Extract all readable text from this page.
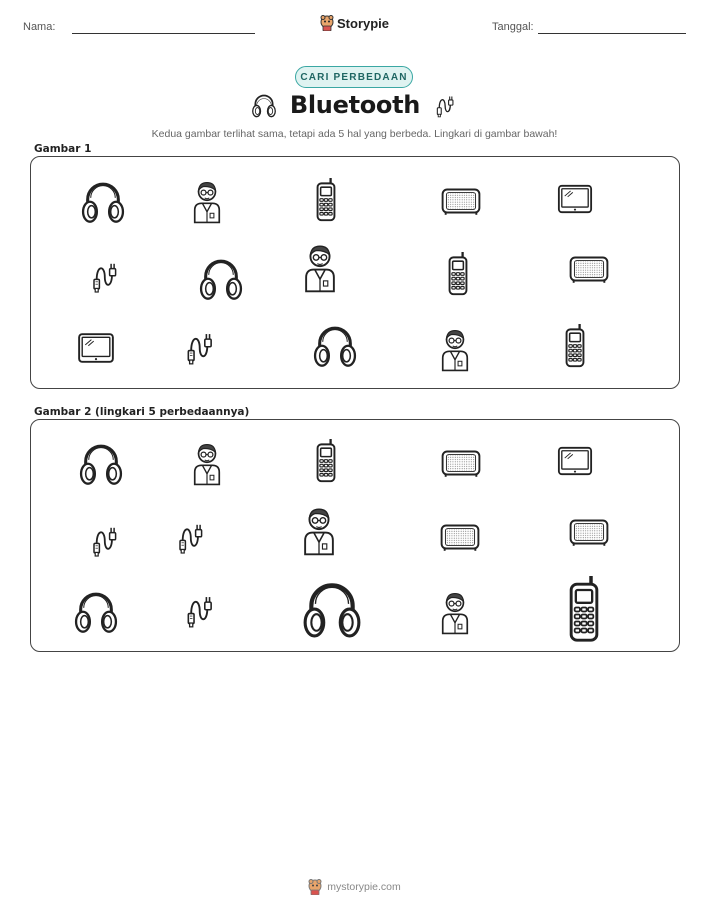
Nama:	Storypie	Tanggal:
CARI PERBEDAAN
Bluetooth
Kedua gambar terlihat sama, tetapi ada 5 hal yang berbeda. Lingkari di gambar bawah!
Gambar 1
Gambar 2 (lingkari 5 perbedaannya)
mystorypie.com
